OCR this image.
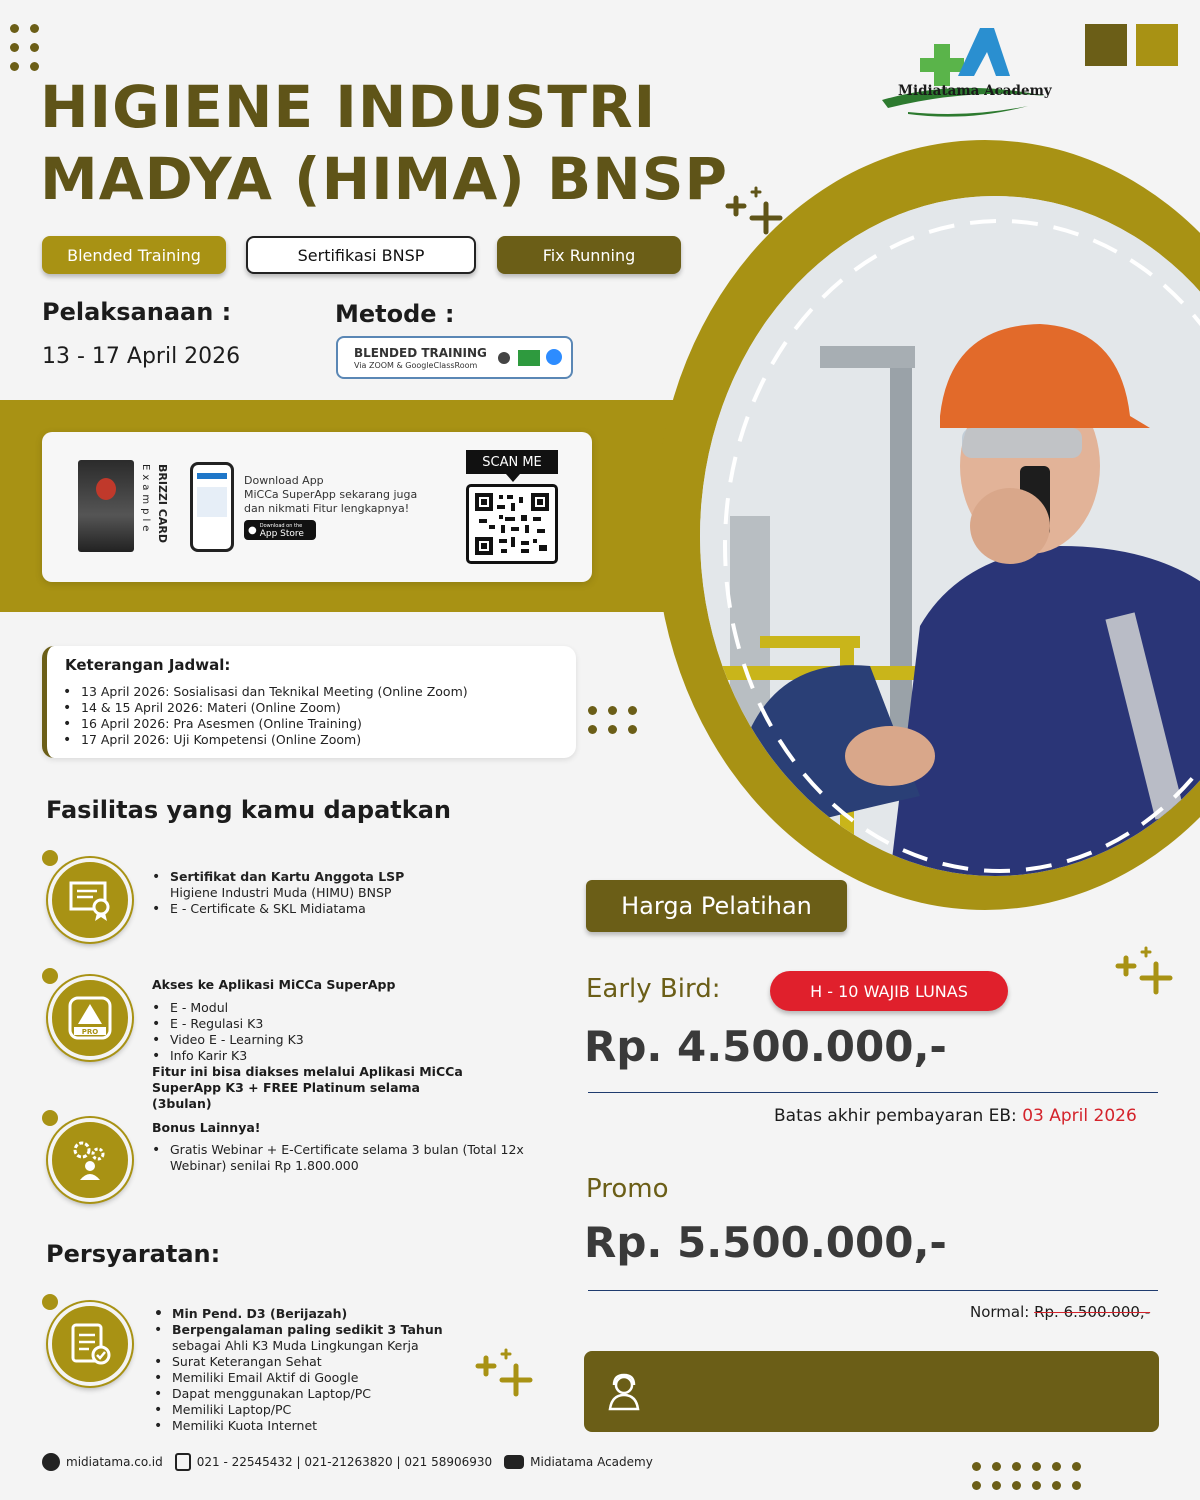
Midiatama Academy
HIGIENE INDUSTRI
MADYA (HIMA) BNSP
Blended Training	Sertifikasi BNSP	Fix Running
Pelaksanaan :
13 - 17 April 2026
Metode :
BLENDED TRAINING
Via ZOOM & GoogleClassRoom
BRIZZI CARD
Example	Download App
MiCCa SuperApp sekarang juga dan nikmati Fitur lengkapnya!
● Download on the
App Store
SCAN ME
Keterangan Jadwal:
• 13 April 2026: Sosialisasi dan Teknikal Meeting (Online Zoom)
• 14 & 15 April 2026: Materi (Online Zoom)
• 16 April 2026: Pra Asesmen (Online Training)
• 17 April 2026: Uji Kompetensi (Online Zoom)
Fasilitas yang kamu dapatkan
• Sertifikat dan Kartu Anggota LSP
Higiene Industri Muda (HIMU) BNSP
• E - Certificate & SKL Midiatama
PRO
Akses ke Aplikasi MiCCa SuperApp
• E - Modul
• E - Regulasi K3
• Video E - Learning K3
• Info Karir K3
Fitur ini bisa diakses melalui Aplikasi MiCCa SuperApp K3 + FREE Platinum selama (3bulan)
Bonus Lainnya!
• Gratis Webinar + E-Certificate selama 3 bulan (Total 12x Webinar) senilai Rp 1.800.000
Persyaratan:
• Min Pend. D3 (Berijazah)
• Berpengalaman paling sedikit 3 Tahun sebagai Ahli K3 Muda Lingkungan Kerja
• Surat Keterangan Sehat
• Memiliki Email Aktif di Google
• Dapat menggunakan Laptop/PC
• Memiliki Laptop/PC
• Memiliki Kuota Internet
Harga Pelatihan
Early Bird:	H - 10 WAJIB LUNAS
Rp. 4.500.000,-
Batas akhir pembayaran EB: 03 April 2026
Promo
Rp. 5.500.000,-
Normal: Rp. 6.500.000,-
midiatama.co.id	021 - 22545432 | 021-21263820 | 021 58906930	Midiatama Academy
